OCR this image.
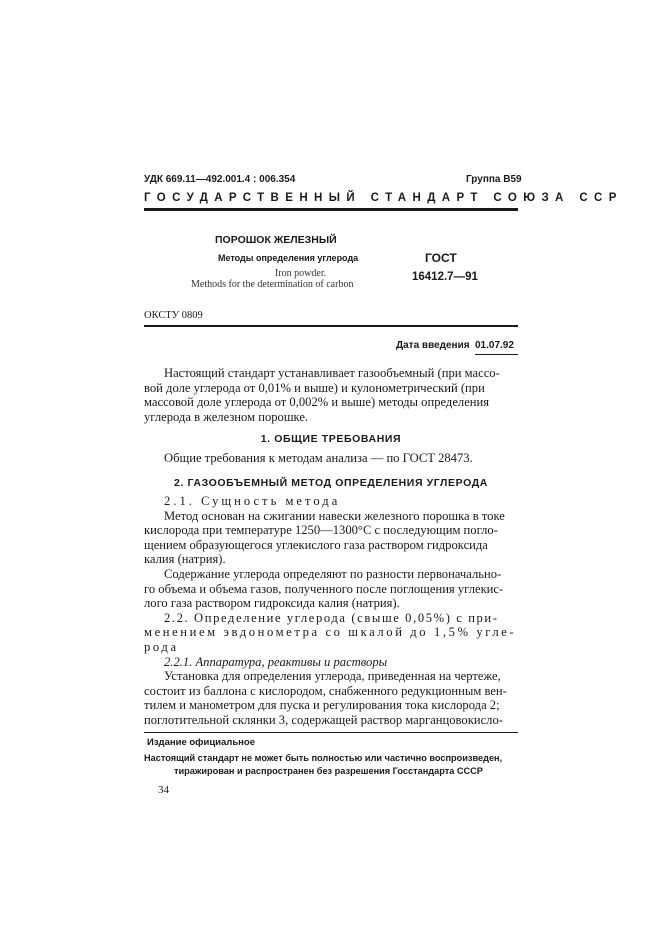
УДК 669.11—492.001.4 : 006.354	Группа В59
ГОСУДАРСТВЕННЫЙ СТАНДАРТ СОЮЗА ССР
ПОРОШОК ЖЕЛЕЗНЫЙ
Методы определения углерода
Iron powder.
Methods for the determination of carbon
ГОСТ
16412.7—91
ОКСТУ 0809
Дата введения 01.07.92
Настоящий стандарт устанавливает газообъемный (при массо-
вой доле углерода от 0,01% и выше) и кулонометрический (при
массовой доле углерода от 0,002% и выше) методы определения
углерода в железном порошке.
1. ОБЩИЕ ТРЕБОВАНИЯ
Общие требования к методам анализа — по ГОСТ 28473.
2. ГАЗООБЪЕМНЫЙ МЕТОД ОПРЕДЕЛЕНИЯ УГЛЕРОДА
2.1. Сущность метода
Метод основан на сжигании навески железного порошка в токе
кислорода при температуре 1250—1300°C с последующим погло-
щением образующегося углекислого газа раствором гидроксида
калия (натрия).
Содержание углерода определяют по разности первоначально-
го объема и объема газов, полученного после поглощения углекис-
лого газа раствором гидроксида калия (натрия).
2.2. Определение углерода (свыше 0,05%) с при-
менением эвдонометра со шкалой до 1,5% угле-
рода
2.2.1. Аппаратура, реактивы и растворы
Установка для определения углерода, приведенная на чертеже,
состоит из баллона с кислородом, снабженного редукционным вен-
тилем и манометром для пуска и регулирования тока кислорода 2;
поглотительной склянки 3, содержащей раствор марганцовокисло-
Издание официальное
Настоящий стандарт не может быть полностью или частично воспроизведен,
тиражирован и распространен без разрешения Госстандарта СССР
34
